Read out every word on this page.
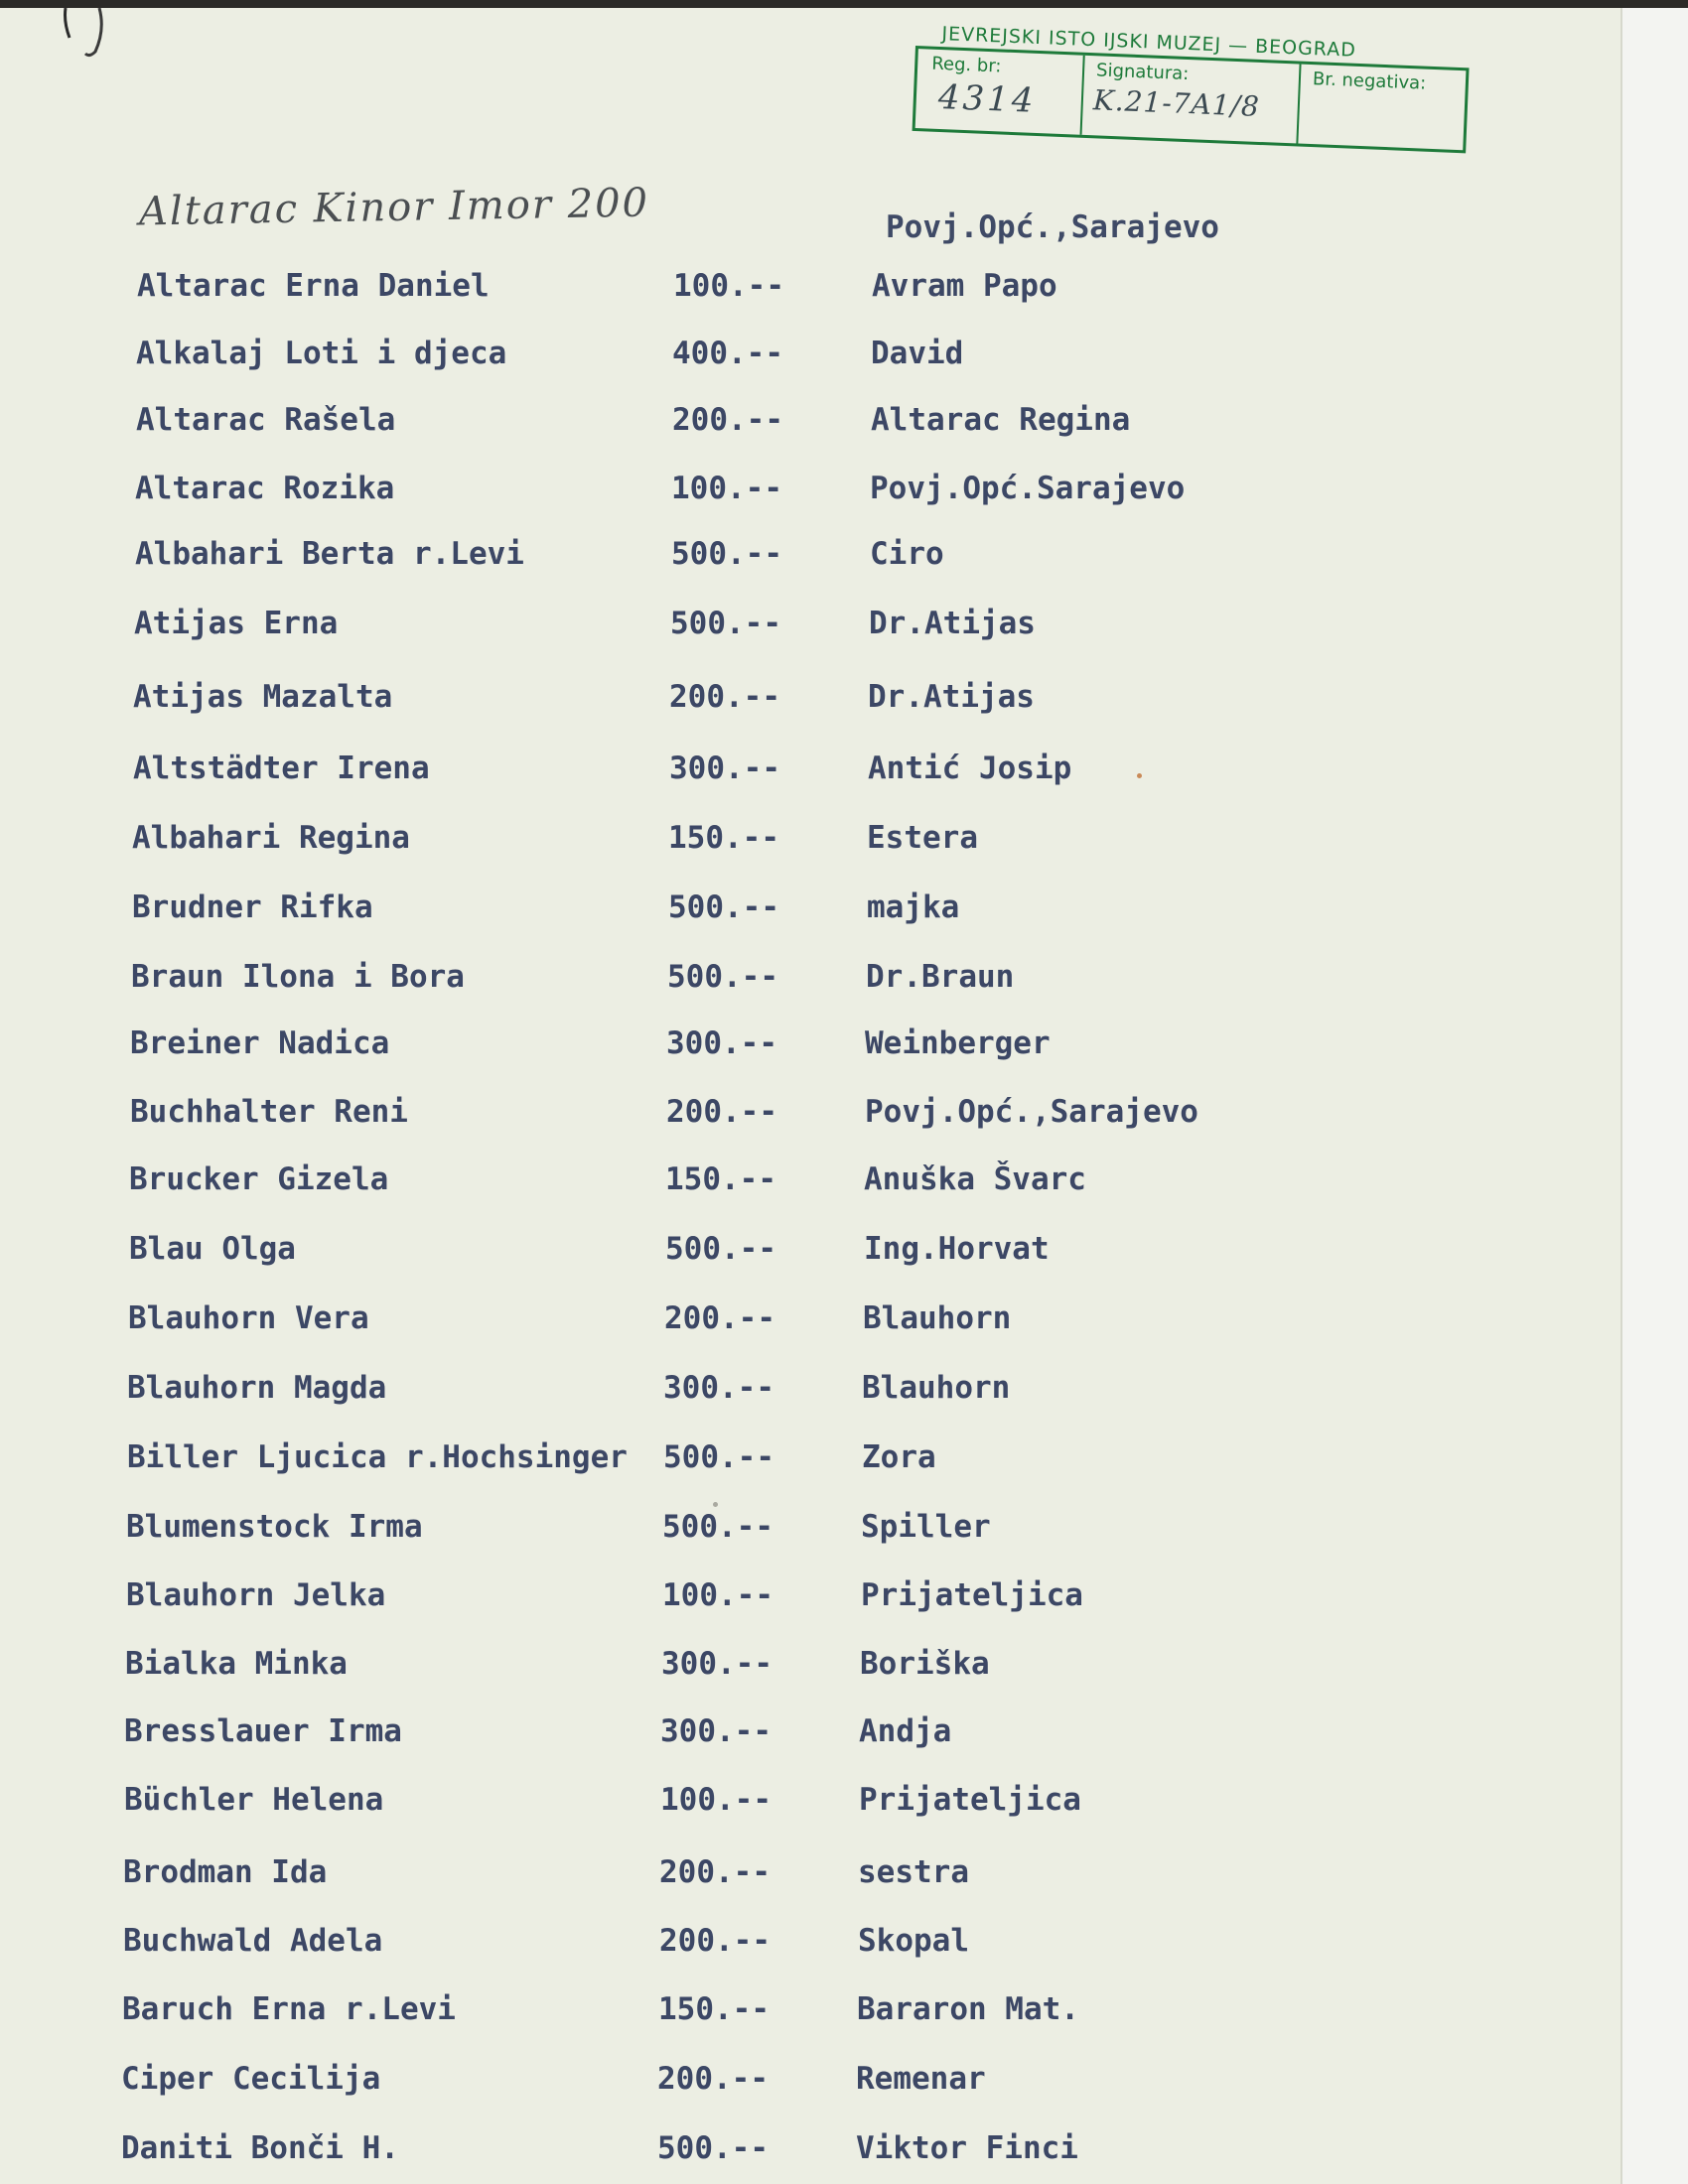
JEVREJSKI ISTO IJSKI MUZEJ — BEOGRAD
Reg. br:
4314
Signatura:
K.21-7A1/8
Br. negativa:
Altarac Kinor Imor 200	Povj.Opć.,Sarajevo
Altarac Erna Daniel	100.--	Avram Papo
Alkalaj Loti i djeca	400.--	David
Altarac Rašela	200.--	Altarac Regina
Altarac Rozika	100.--	Povj.Opć.Sarajevo
Albahari Berta r.Levi	500.--	Ciro
Atijas Erna	500.--	Dr.Atijas
Atijas Mazalta	200.--	Dr.Atijas
Altstädter Irena	300.--	Antić Josip
Albahari Regina	150.--	Estera
Brudner Rifka	500.--	majka
Braun Ilona i Bora	500.--	Dr.Braun
Breiner Nadica	300.--	Weinberger
Buchhalter Reni	200.--	Povj.Opć.,Sarajevo
Brucker Gizela	150.--	Anuška Švarc
Blau Olga	500.--	Ing.Horvat
Blauhorn Vera	200.--	Blauhorn
Blauhorn Magda	300.--	Blauhorn
Biller Ljucica r.Hochsinger 500.--	Zora
Blumenstock Irma	500.--	Spiller
Blauhorn Jelka	100.--	Prijateljica
Bialka Minka	300.--	Boriška
Bresslauer Irma	300.--	Andja
Büchler Helena	100.--	Prijateljica
Brodman Ida	200.--	sestra
Buchwald Adela	200.--	Skopal
Baruch Erna r.Levi	150.--	Bararon Mat.
Ciper Cecilija	200.--	Remenar
Daniti Bonči H.	500.--	Viktor Finci
